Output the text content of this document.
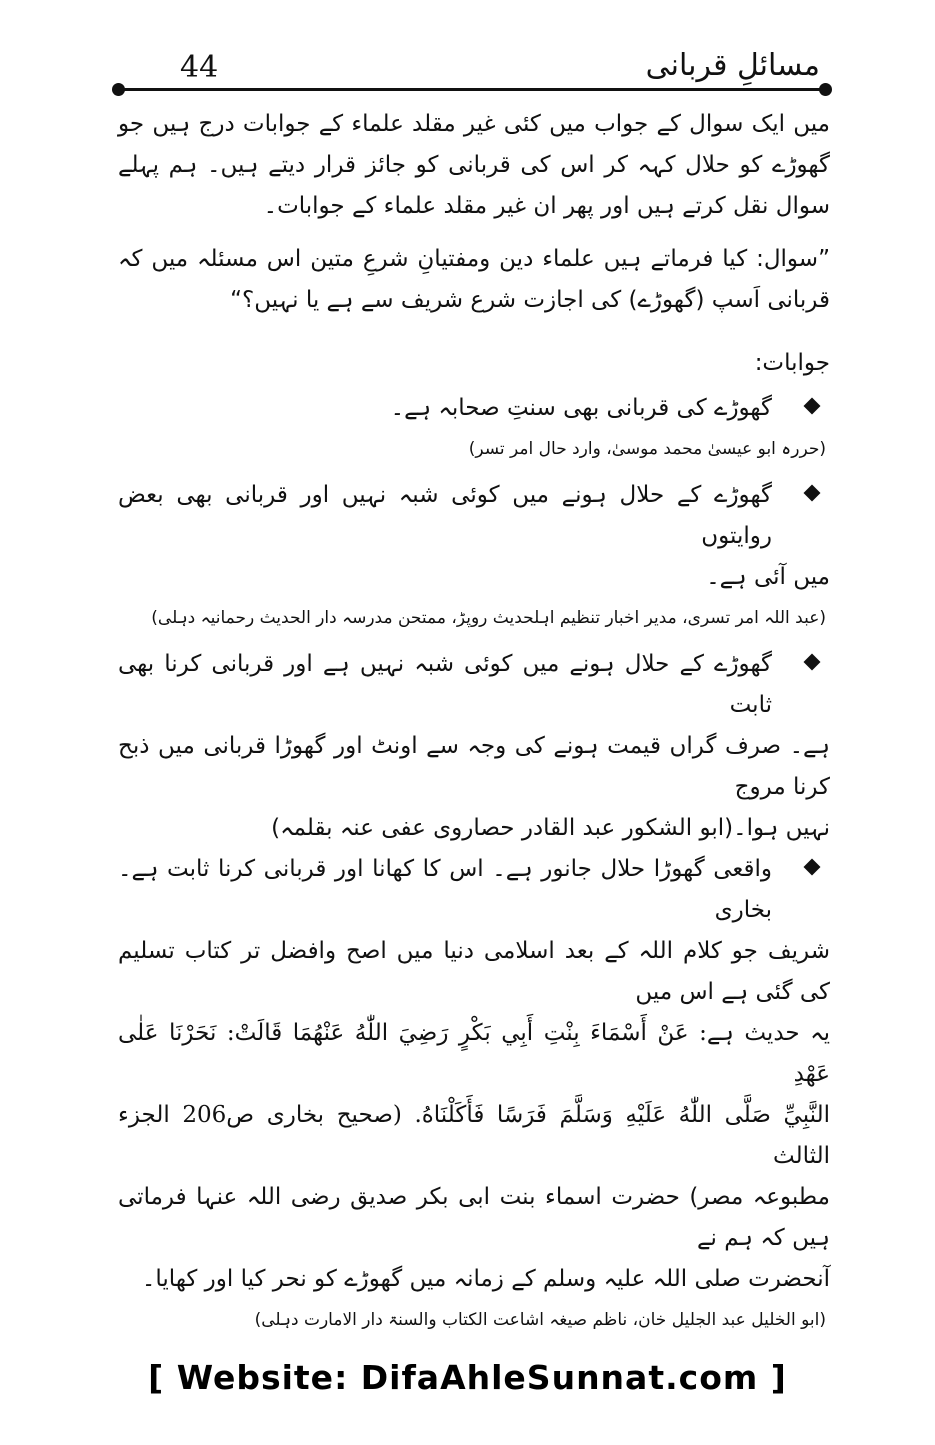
مسائلِ قربانی
44

میں ایک سوال کے جواب میں کئی غیر مقلد علماء کے جوابات درج ہیں جو گھوڑے کو حلال کہہ کر اس کی قربانی کو جائز قرار دیتے ہیں۔ ہم پہلے سوال نقل کرتے ہیں اور پھر ان غیر مقلد علماء کے جوابات۔

”سوال: کیا فرماتے ہیں علماء دین ومفتیانِ شرعِ متین اس مسئلہ میں کہ قربانی اَسپ (گھوڑے) کی اجازت شرع شریف سے ہے یا نہیں؟“

جوابات:

گھوڑے کی قربانی بھی سنتِ صحابہ ہے۔

(حررہ ابو عیسیٰ محمد موسیٰ، وارد حال امر تسر)

گھوڑے کے حلال ہونے میں کوئی شبہ نہیں اور قربانی بھی بعض روایتوں
میں آئی ہے۔

(عبد اللہ امر تسری، مدیر اخبار تنظیم اہلحدیث روپڑ، ممتحن مدرسہ دار الحدیث رحمانیہ دہلی)

گھوڑے کے حلال ہونے میں کوئی شبہ نہیں ہے اور قربانی کرنا بھی ثابت
ہے۔ صرف گراں قیمت ہونے کی وجہ سے اونٹ اور گھوڑا قربانی میں ذبح کرنا مروج
نہیں ہوا۔(ابو الشکور عبد القادر حصاروی عفی عنہ بقلمہ)

واقعی گھوڑا حلال جانور ہے۔ اس کا کھانا اور قربانی کرنا ثابت ہے۔ بخاری
شریف جو کلام اللہ کے بعد اسلامی دنیا میں اصح وافضل تر کتاب تسلیم کی گئی ہے اس میں
یہ حدیث ہے: عَنْ أَسْمَاءَ بِنْتِ أَبِي بَكْرٍ رَضِيَ اللّٰهُ عَنْهُمَا قَالَتْ: نَحَرْنَا عَلٰى عَهْدِ
النَّبِيِّ صَلَّى اللّٰهُ عَلَيْهِ وَسَلَّمَ فَرَسًا فَأَكَلْنَاهُ. (صحیح بخاری ص206 الجزء الثالث
مطبوعہ مصر) حضرت اسماء بنت ابی بکر صدیق رضی اللہ عنہا فرماتی ہیں کہ ہم نے
آنحضرت صلی اللہ علیہ وسلم کے زمانہ میں گھوڑے کو نحر کیا اور کھایا۔

(ابو الخلیل عبد الجلیل خان، ناظم صیغہ اشاعت الکتاب والسنۃ دار الامارت دہلی)

[ Website: DifaAhleSunnat.com ]
